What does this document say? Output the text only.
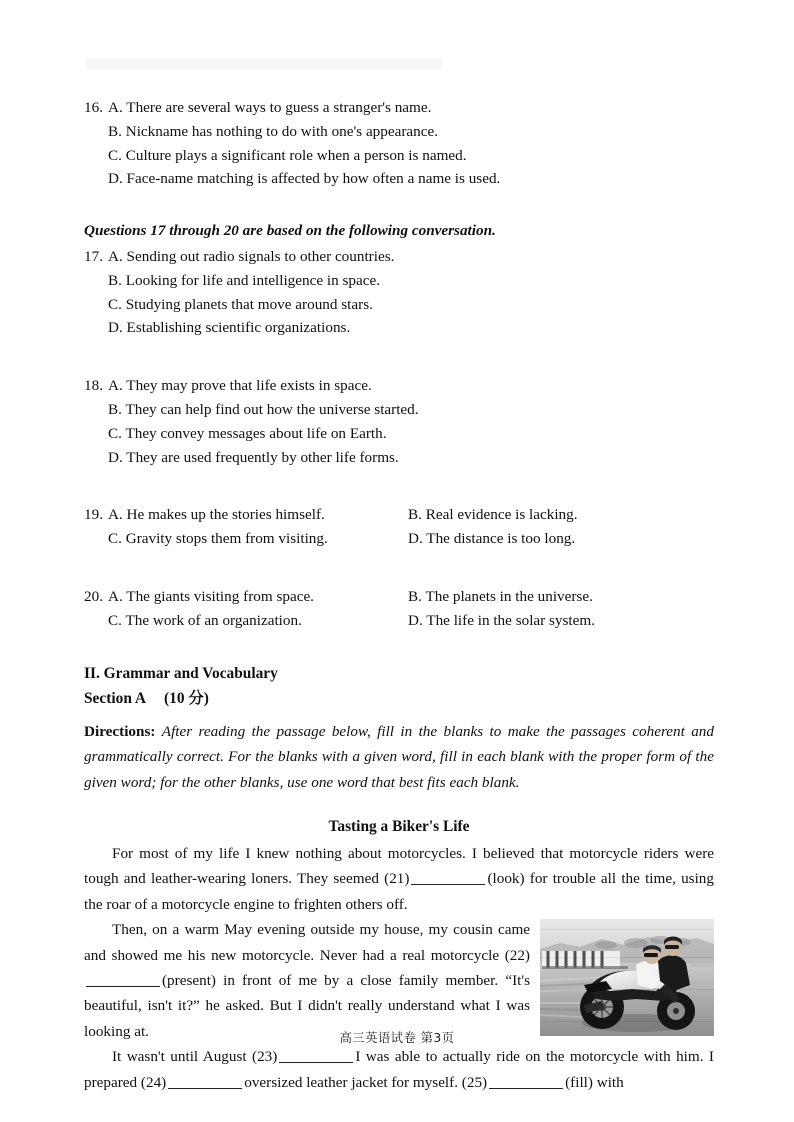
16. A. There are several ways to guess a stranger's name.
B. Nickname has nothing to do with one's appearance.
C. Culture plays a significant role when a person is named.
D. Face-name matching is affected by how often a name is used.
Questions 17 through 20 are based on the following conversation.
17. A. Sending out radio signals to other countries.
B. Looking for life and intelligence in space.
C. Studying planets that move around stars.
D. Establishing scientific organizations.
18. A. They may prove that life exists in space.
B. They can help find out how the universe started.
C. They convey messages about life on Earth.
D. They are used frequently by other life forms.
19. A. He makes up the stories himself.	B. Real evidence is lacking.
C. Gravity stops them from visiting.	D. The distance is too long.
20. A. The giants visiting from space.	B. The planets in the universe.
C. The work of an organization.	D. The life in the solar system.
II. Grammar and Vocabulary
Section A (10 分)
Directions: After reading the passage below, fill in the blanks to make the passages coherent and grammatically correct. For the blanks with a given word, fill in each blank with the proper form of the given word; for the other blanks, use one word that best fits each blank.
Tasting a Biker's Life

For most of my life I knew nothing about motorcycles. I believed that motorcycle riders were tough and leather-wearing loners. They seemed (21)	(look) for trouble all the time, using the roar of a motorcycle engine to frighten others off.

Then, on a warm May evening outside my house, my cousin came and showed me his new motorcycle. Never had a real motorcycle (22)(present) in front of me by a close family member. “It's beautiful, isn't it?” he asked. But I didn't really understand what I was looking at.

It wasn't until August (23)	I was able to actually ride on the motorcycle with him. I prepared (24)	oversized leather jacket for myself. (25)	(fill) with

高三英语试卷 第3页
